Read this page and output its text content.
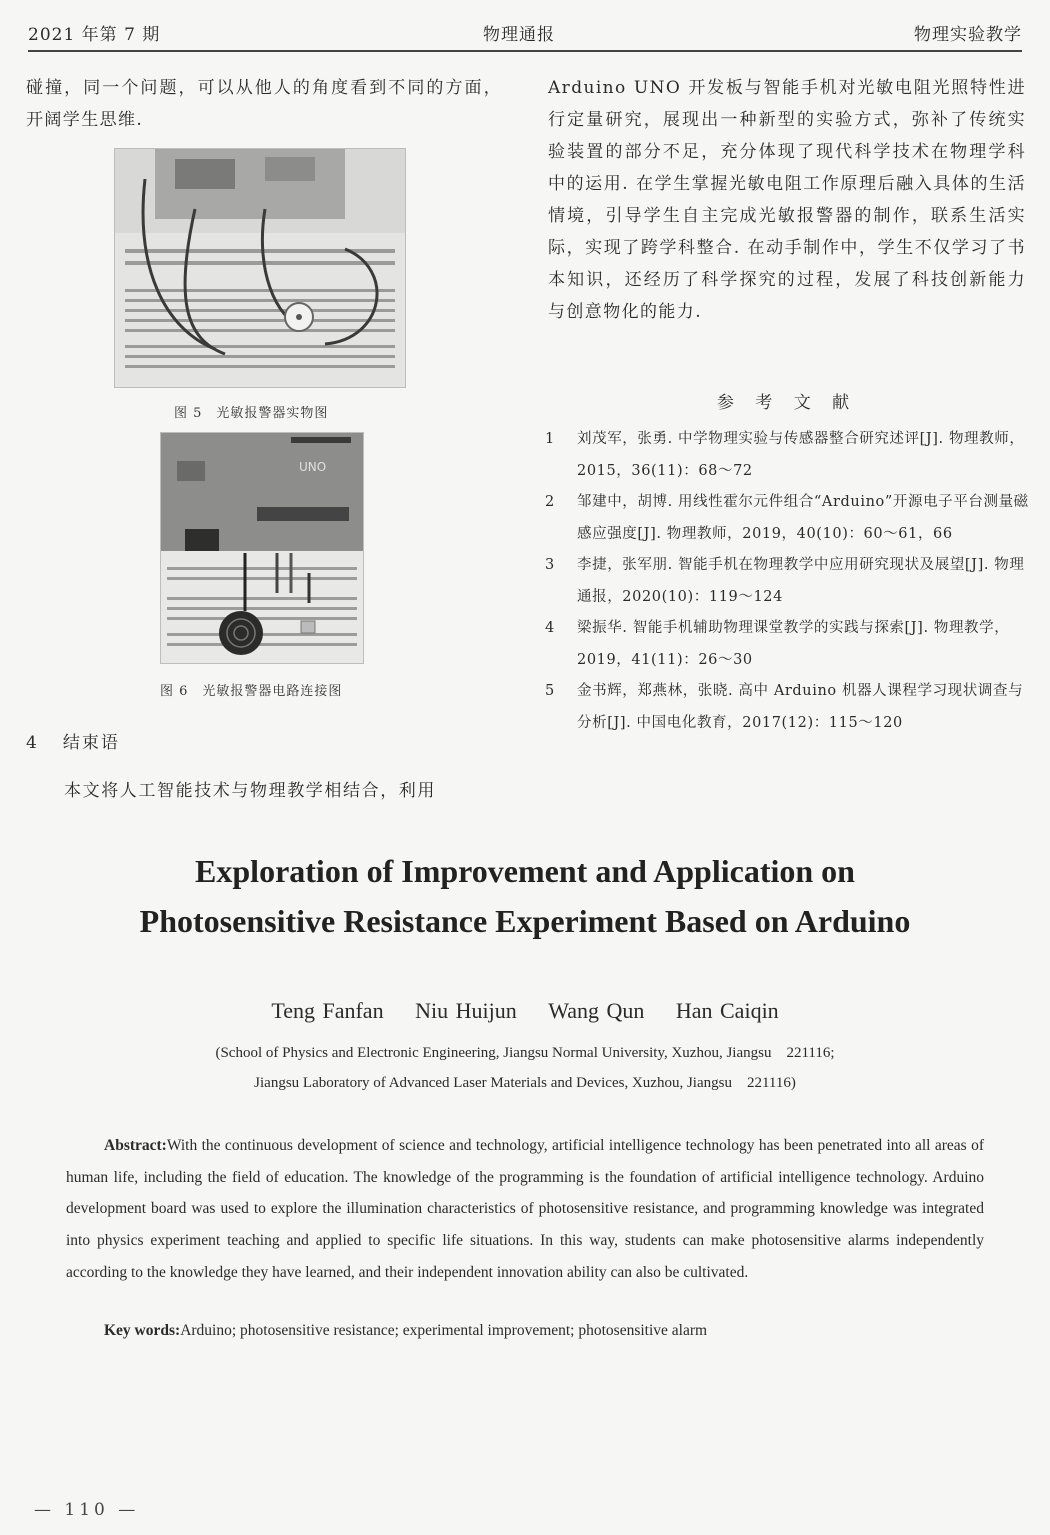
2021 年第 7 期	物理通报	物理实验教学

碰撞，同一个问题，可以从他人的角度看到不同的方面，开阔学生思维.

图 5　光敏报警器实物图
UNO
图 6　光敏报警器电路连接图
4 结束语
本文将人工智能技术与物理教学相结合，利用

Arduino UNO 开发板与智能手机对光敏电阻光照特性进行定量研究，展现出一种新型的实验方式，弥补了传统实验装置的部分不足，充分体现了现代科学技术在物理学科中的运用. 在学生掌握光敏电阻工作原理后融入具体的生活情境，引导学生自主完成光敏报警器的制作，联系生活实际，实现了跨学科整合. 在动手制作中，学生不仅学习了书本知识，还经历了科学探究的过程，发展了科技创新能力与创意物化的能力.

参 考 文 献
1 刘茂军，张勇. 中学物理实验与传感器整合研究述评[J]. 物理教师，2015，36(11)：68～72
2 邹建中，胡博. 用线性霍尔元件组合“Arduino”开源电子平台测量磁感应强度[J]. 物理教师，2019，40(10)：60～61，66
3 李捷，张军朋. 智能手机在物理教学中应用研究现状及展望[J]. 物理通报，2020(10)：119～124
4 梁振华. 智能手机辅助物理课堂教学的实践与探索[J]. 物理教学，2019，41(11)：26～30
5 金书辉，郑燕林，张晓. 高中 Arduino 机器人课程学习现状调查与分析[J]. 中国电化教育，2017(12)：115～120
Exploration of Improvement and Application on
Photosensitive Resistance Experiment Based on Arduino
Teng Fanfan Niu Huijun Wang Qun Han Caiqin
(School of Physics and Electronic Engineering, Jiangsu Normal University, Xuzhou, Jiangsu　221116;
Jiangsu Laboratory of Advanced Laser Materials and Devices, Xuzhou, Jiangsu　221116)

Abstract:With the continuous development of science and technology, artificial intelligence technology has been penetrated into all areas of human life, including the field of education. The knowledge of the programming is the foundation of artificial intelligence technology. Arduino development board was used to explore the illumination characteristics of photosensitive resistance, and programming knowledge was integrated into physics experiment teaching and applied to specific life situations. In this way, students can make photosensitive alarms independently according to the knowledge they have learned, and their independent innovation ability can also be cultivated.

Key words:Arduino; photosensitive resistance; experimental improvement; photosensitive alarm
— 110 —
